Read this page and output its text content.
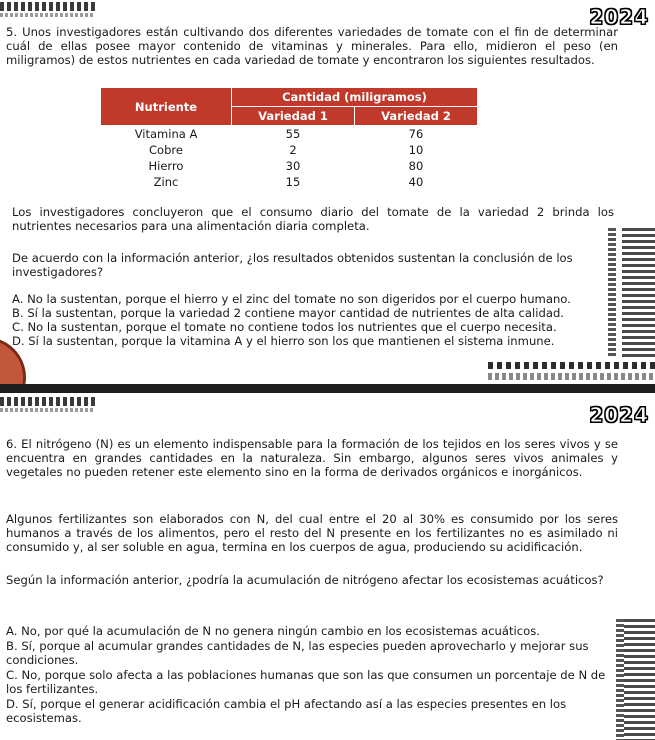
2024
5. Unos investigadores están cultivando dos diferentes variedades de tomate con el fin de determinar cuál de ellas posee mayor contenido de vitaminas y minerales. Para ello, midieron el peso (en miligramos) de estos nutrientes en cada variedad de tomate y encontraron los siguientes resultados.
Nutriente	Cantidad (miligramos)	
	Variedad 1	Variedad 2
Vitamina A	55	76
Cobre	2	10
Hierro	30	80
Zinc	15	40
Los investigadores concluyeron que el consumo diario del tomate de la variedad 2 brinda los nutrientes necesarios para una alimentación diaria completa.
De acuerdo con la información anterior, ¿los resultados obtenidos sustentan la conclusión de los investigadores?
A. No la sustentan, porque el hierro y el zinc del tomate no son digeridos por el cuerpo humano.
B. Sí la sustentan, porque la variedad 2 contiene mayor cantidad de nutrientes de alta calidad.
C. No la sustentan, porque el tomate no contiene todos los nutrientes que el cuerpo necesita.
D. Sí la sustentan, porque la vitamina A y el hierro son los que mantienen el sistema inmune.
2024
6. El nitrógeno (N) es un elemento indispensable para la formación de los tejidos en los seres vivos y se encuentra en grandes cantidades en la naturaleza. Sin embargo, algunos seres vivos animales y vegetales no pueden retener este elemento sino en la forma de derivados orgánicos e inorgánicos.
Algunos fertilizantes son elaborados con N, del cual entre el 20 al 30% es consumido por los seres humanos a través de los alimentos, pero el resto del N presente en los fertilizantes no es asimilado ni consumido y, al ser soluble en agua, termina en los cuerpos de agua, produciendo su acidificación.
Según la información anterior, ¿podría la acumulación de nitrógeno afectar los ecosistemas acuáticos?
A. No, por qué la acumulación de N no genera ningún cambio en los ecosistemas acuáticos.
B. Sí, porque al acumular grandes cantidades de N, las especies pueden aprovecharlo y mejorar sus condiciones.
C. No, porque solo afecta a las poblaciones humanas que son las que consumen un porcentaje de N de los fertilizantes.
D. Sí, porque el generar acidificación cambia el pH afectando así a las especies presentes en los ecosistemas.
